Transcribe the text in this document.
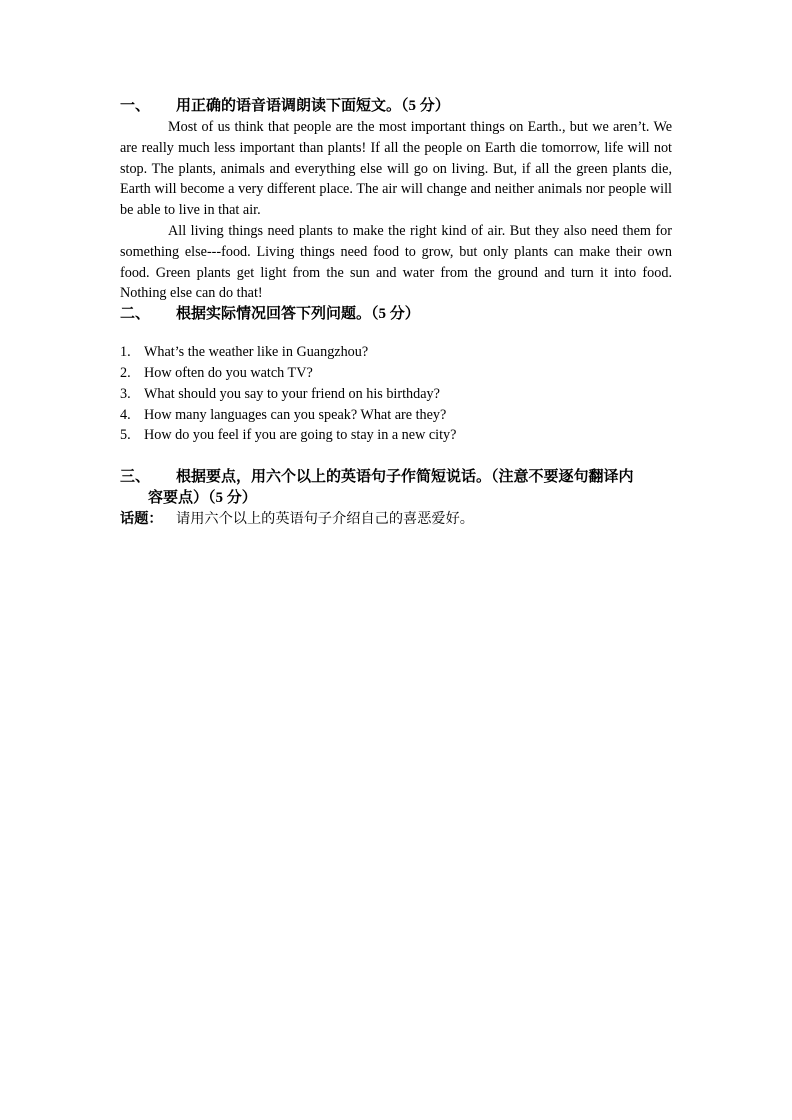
一、	用正确的语音语调朗读下面短文。（5 分）

Most of us think that people are the most important things on Earth., but we aren’t. We are really much less important than plants! If all the people on Earth die tomorrow, life will not stop. The plants, animals and everything else will go on living. But, if all the green plants die, Earth will become a very different place. The air will change and neither animals nor people will be able to live in that air.

All living things need plants to make the right kind of air. But they also need them for something else---food. Living things need food to grow, but only plants can make their own food. Green plants get light from the sun and water from the ground and turn it into food. Nothing else can do that!

二、	根据实际情况回答下列问题。（5 分）
1. What’s the weather like in Guangzhou?
2. How often do you watch TV?
3. What should you say to your friend on his birthday?
4. How many languages can you speak? What are they?
5. How do you feel if you are going to stay in a new city?
三、	根据要点，用六个以上的英语句子作简短说话。（注意不要逐句翻译内
容要点）（5 分）
话题： 请用六个以上的英语句子介绍自己的喜恶爱好。
